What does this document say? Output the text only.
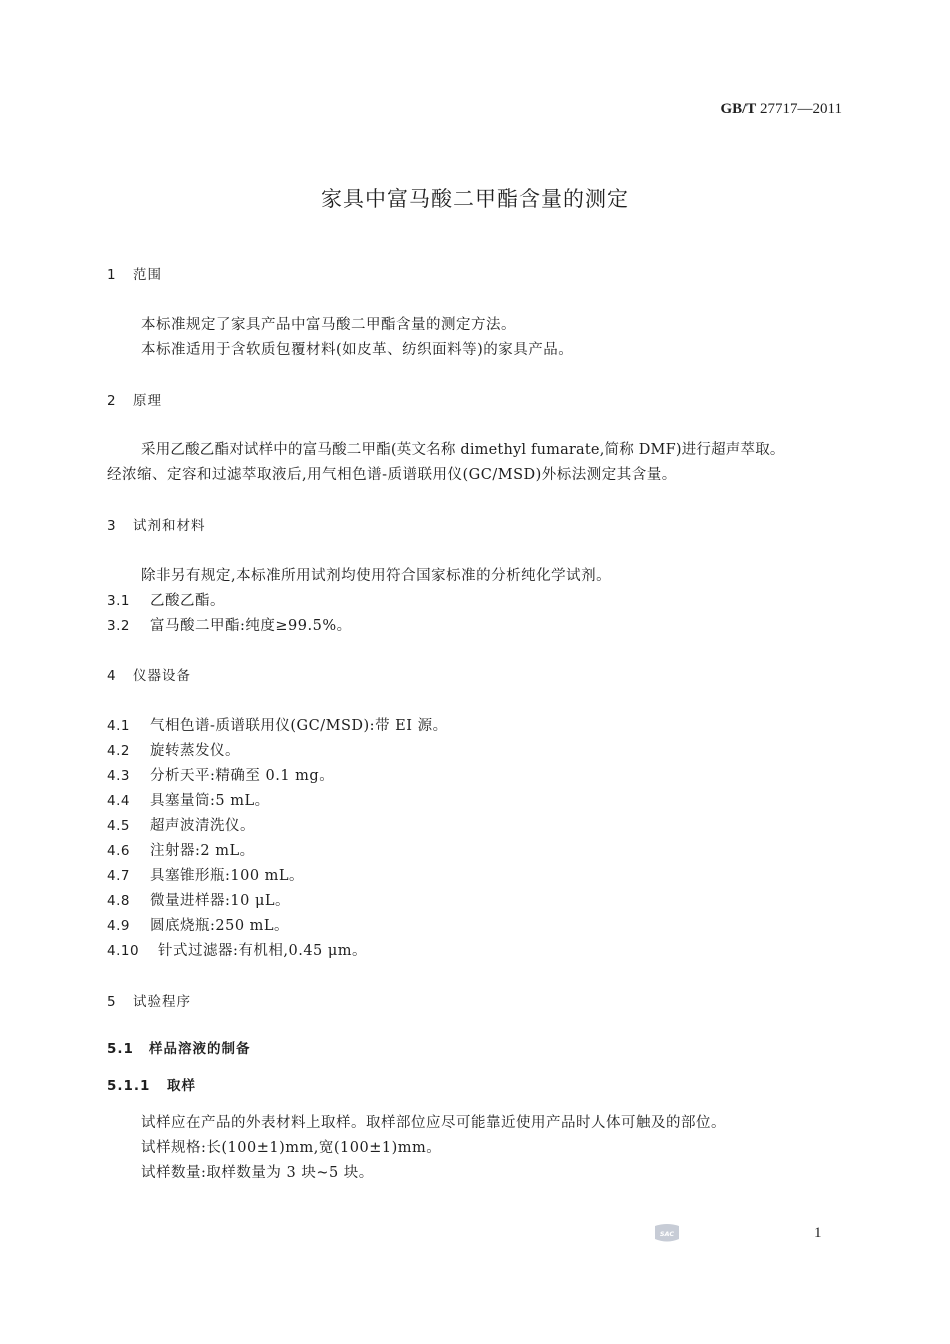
GB/T 27717—2011
家具中富马酸二甲酯含量的测定
1 范围
本标准规定了家具产品中富马酸二甲酯含量的测定方法。
本标准适用于含软质包覆材料(如皮革、纺织面料等)的家具产品。
2 原理
采用乙酸乙酯对试样中的富马酸二甲酯(英文名称 dimethyl fumarate,简称 DMF)进行超声萃取。
经浓缩、定容和过滤萃取液后,用气相色谱-质谱联用仪(GC/MSD)外标法测定其含量。
3 试剂和材料
除非另有规定,本标准所用试剂均使用符合国家标准的分析纯化学试剂。
3.1 乙酸乙酯。
3.2 富马酸二甲酯:纯度≥99.5%。
4 仪器设备
4.1 气相色谱-质谱联用仪(GC/MSD):带 EI 源。
4.2 旋转蒸发仪。
4.3 分析天平:精确至 0.1 mg。
4.4 具塞量筒:5 mL。
4.5 超声波清洗仪。
4.6 注射器:2 mL。
4.7 具塞锥形瓶:100 mL。
4.8 微量进样器:10 μL。
4.9 圆底烧瓶:250 mL。
4.10 针式过滤器:有机相,0.45 μm。
5 试验程序
5.1 样品溶液的制备
5.1.1 取样
试样应在产品的外表材料上取样。取样部位应尽可能靠近使用产品时人体可触及的部位。
试样规格:长(100±1)mm,宽(100±1)mm。
试样数量:取样数量为 3 块~5 块。
SAC	1
